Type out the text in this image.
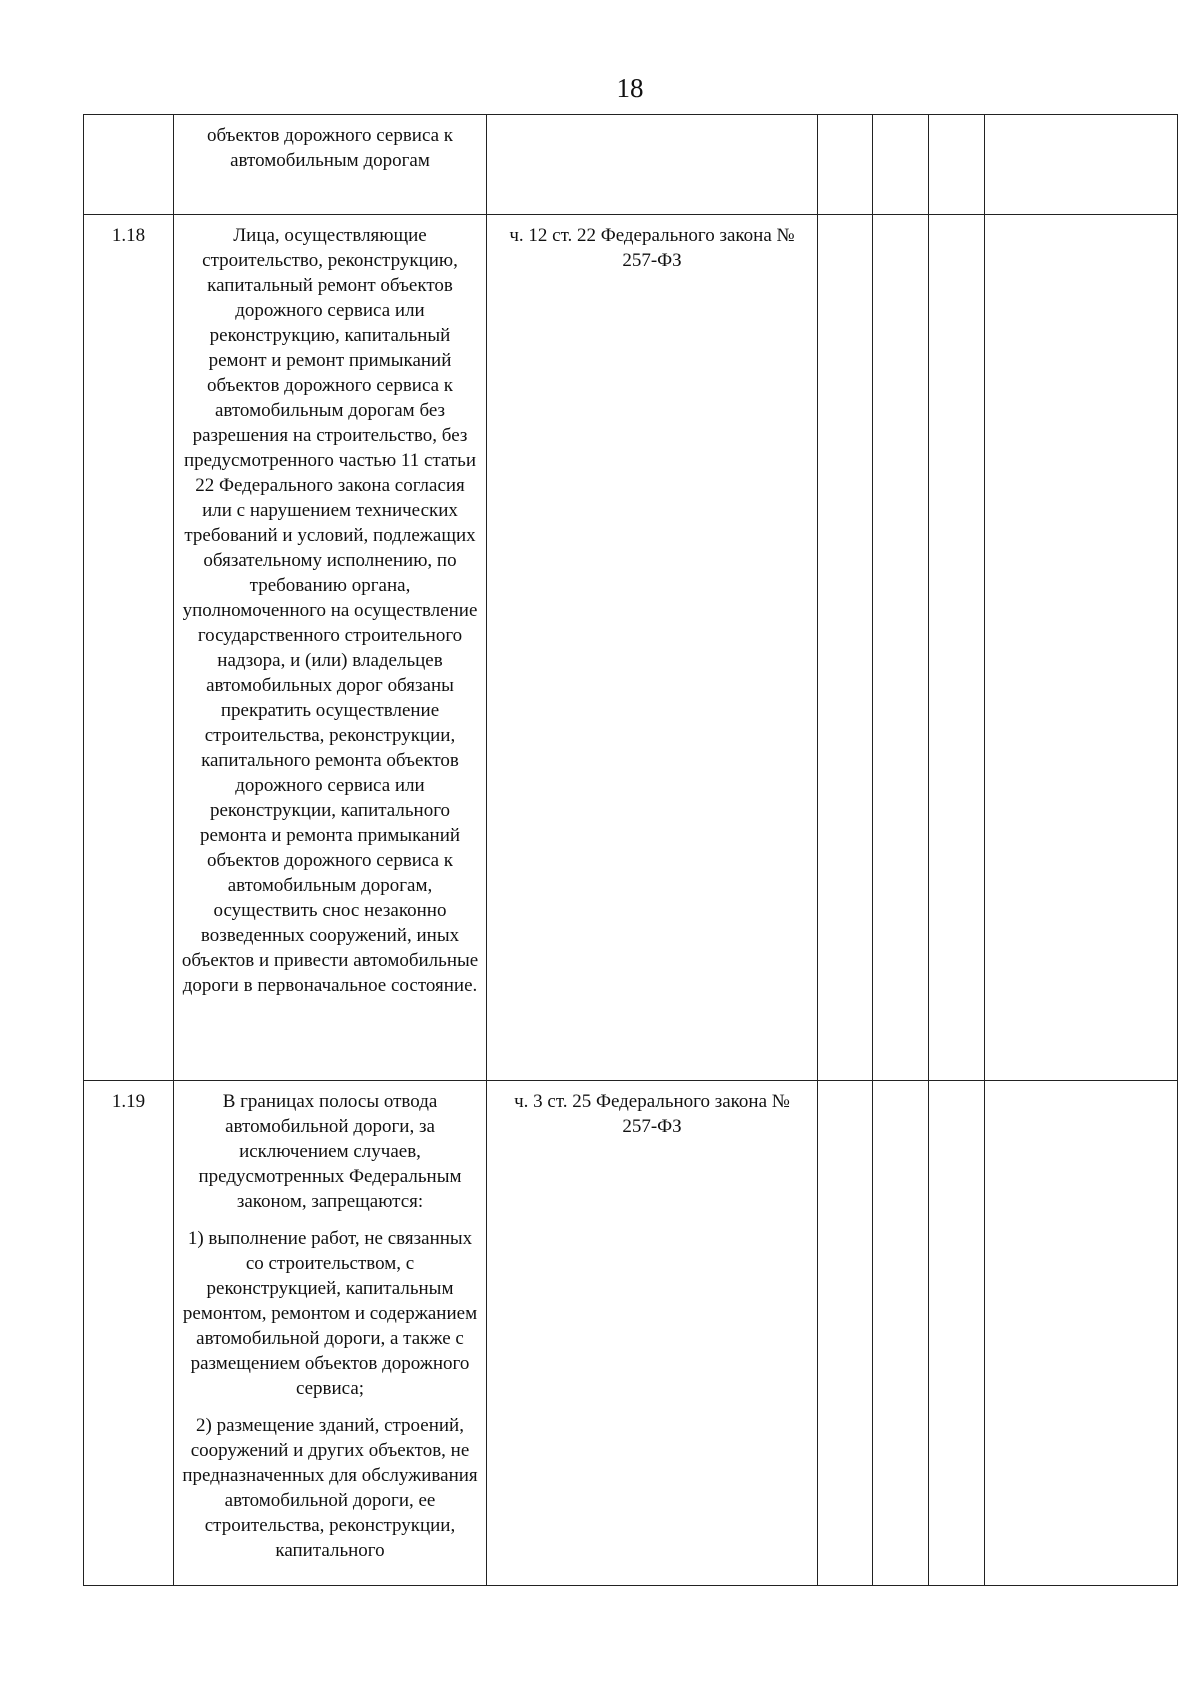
18

	объектов дорожного сервиса к автомобильным дорогам					

1.18	Лица, осуществляющие строительство, реконструкцию, капитальный ремонт объектов дорожного сервиса или реконструкцию, капитальный ремонт и ремонт примыканий объектов дорожного сервиса к автомобильным дорогам без разрешения на строительство, без предусмотренного частью 11 статьи 22 Федерального закона согласия или с нарушением технических требований и условий, подлежащих обязательному исполнению, по требованию органа, уполномоченного на осуществление государственного строительного надзора, и (или) владельцев автомобильных дорог обязаны прекратить осуществление строительства, реконструкции, капитального ремонта объектов дорожного сервиса или реконструкции, капитального ремонта и ремонта примыканий объектов дорожного сервиса к автомобильным дорогам, осуществить снос незаконно возведенных сооружений, иных объектов и привести автомобильные дороги в первоначальное состояние.	ч. 12 ст. 22 Федерального закона № 257-ФЗ				
1.19	В границах полосы отвода автомобильной дороги, за исключением случаев, предусмотренных Федеральным законом, запрещаются:
1) выполнение работ, не связанных со строительством, с реконструкцией, капитальным ремонтом, ремонтом и содержанием автомобильной дороги, а также с размещением объектов дорожного сервиса;
2) размещение зданий, строений, сооружений и других объектов, не предназначенных для обслуживания автомобильной дороги, ее строительства, реконструкции, капитального	ч. 3 ст. 25 Федерального закона № 257-ФЗ				
